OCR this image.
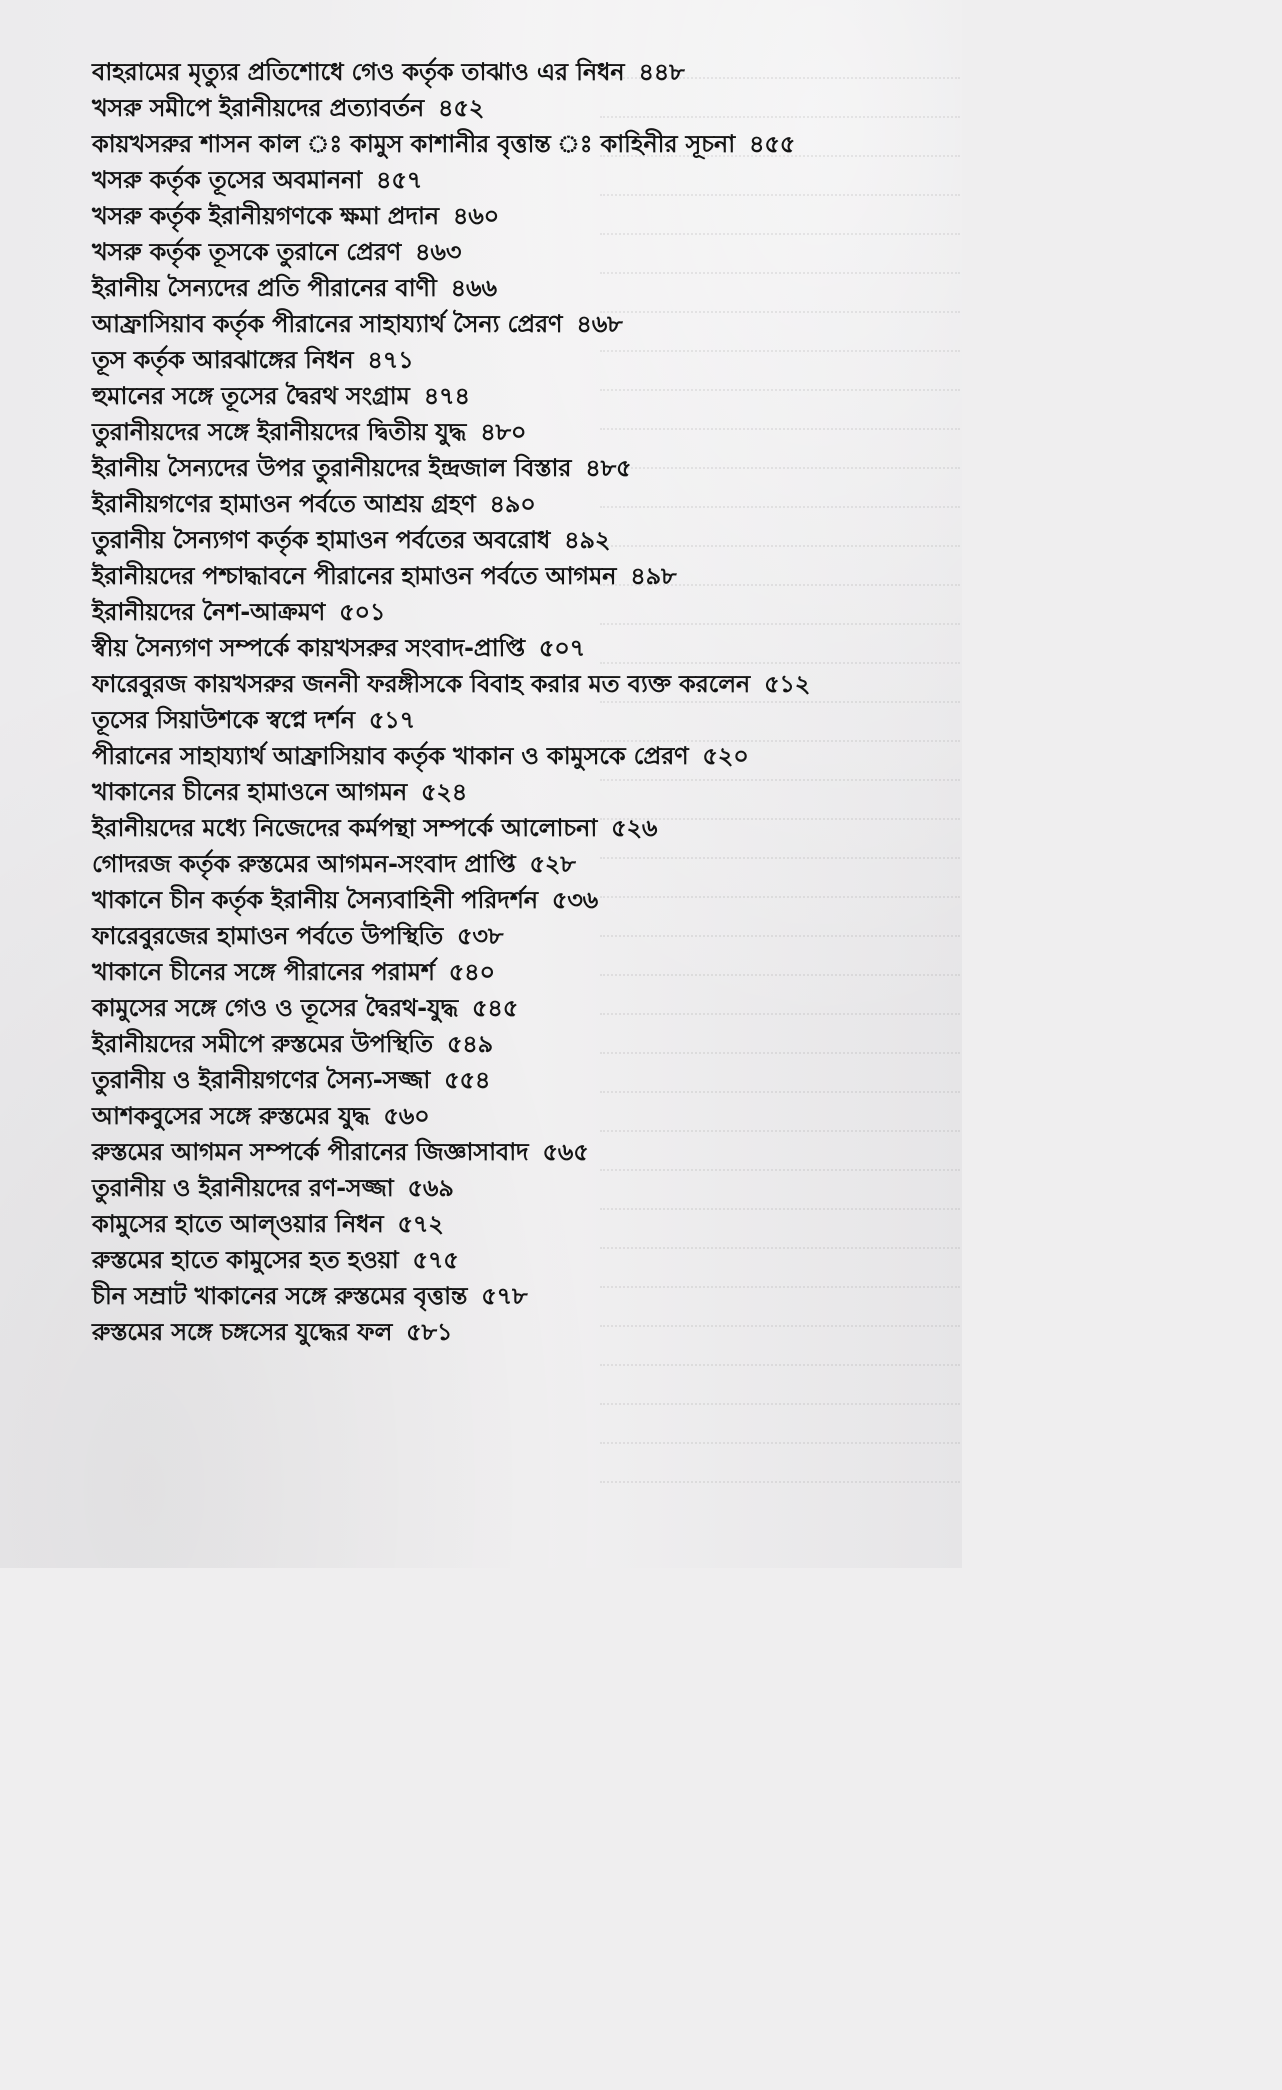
বাহরামের মৃত্যুর প্রতিশোধে গেও কর্তৃক তাঝাও এর নিধন ৪৪৮
খসরু সমীপে ইরানীয়দের প্রত্যাবর্তন ৪৫২
কায়খসরুর শাসন কাল ঃ কামুস কাশানীর বৃত্তান্ত ঃ কাহিনীর সূচনা ৪৫৫
খসরু কর্তৃক তূসের অবমাননা ৪৫৭
খসরু কর্তৃক ইরানীয়গণকে ক্ষমা প্রদান ৪৬০
খসরু কর্তৃক তূসকে তুরানে প্রেরণ ৪৬৩
ইরানীয় সৈন্যদের প্রতি পীরানের বাণী ৪৬৬
আফ্রাসিয়াব কর্তৃক পীরানের সাহায্যার্থ সৈন্য প্রেরণ ৪৬৮
তূস কর্তৃক আরঝাঙ্গের নিধন ৪৭১
হুমানের সঙ্গে তূসের দ্বৈরথ সংগ্রাম ৪৭৪
তুরানীয়দের সঙ্গে ইরানীয়দের দ্বিতীয় যুদ্ধ ৪৮০
ইরানীয় সৈন্যদের উপর তুরানীয়দের ইন্দ্রজাল বিস্তার ৪৮৫
ইরানীয়গণের হামাওন পর্বতে আশ্রয় গ্রহণ ৪৯০
তুরানীয় সৈন্যগণ কর্তৃক হামাওন পর্বতের অবরোধ ৪৯২
ইরানীয়দের পশ্চাদ্ধাবনে পীরানের হামাওন পর্বতে আগমন ৪৯৮
ইরানীয়দের নৈশ-আক্রমণ ৫০১
স্বীয় সৈন্যগণ সম্পর্কে কায়খসরুর সংবাদ-প্রাপ্তি ৫০৭
ফারেবুরজ কায়খসরুর জননী ফরঙ্গীসকে বিবাহ করার মত ব্যক্ত করলেন ৫১২
তূসের সিয়াউশকে স্বপ্নে দর্শন ৫১৭
পীরানের সাহায্যার্থ আফ্রাসিয়াব কর্তৃক খাকান ও কামুসকে প্রেরণ ৫২০
খাকানের চীনের হামাওনে আগমন ৫২৪
ইরানীয়দের মধ্যে নিজেদের কর্মপন্থা সম্পর্কে আলোচনা ৫২৬
গোদরজ কর্তৃক রুস্তমের আগমন-সংবাদ প্রাপ্তি ৫২৮
খাকানে চীন কর্তৃক ইরানীয় সৈন্যবাহিনী পরিদর্শন ৫৩৬
ফারেবুরজের হামাওন পর্বতে উপস্থিতি ৫৩৮
খাকানে চীনের সঙ্গে পীরানের পরামর্শ ৫৪০
কামুসের সঙ্গে গেও ও তূসের দ্বৈরথ-যুদ্ধ ৫৪৫
ইরানীয়দের সমীপে রুস্তমের উপস্থিতি ৫৪৯
তুরানীয় ও ইরানীয়গণের সৈন্য-সজ্জা ৫৫৪
আশকবুসের সঙ্গে রুস্তমের যুদ্ধ ৫৬০
রুস্তমের আগমন সম্পর্কে পীরানের জিজ্ঞাসাবাদ ৫৬৫
তুরানীয় ও ইরানীয়দের রণ-সজ্জা ৫৬৯
কামুসের হাতে আল্ওয়ার নিধন ৫৭২
রুস্তমের হাতে কামুসের হত হওয়া ৫৭৫
চীন সম্রাট খাকানের সঙ্গে রুস্তমের বৃত্তান্ত ৫৭৮
রুস্তমের সঙ্গে চঙ্গসের যুদ্ধের ফল ৫৮১
